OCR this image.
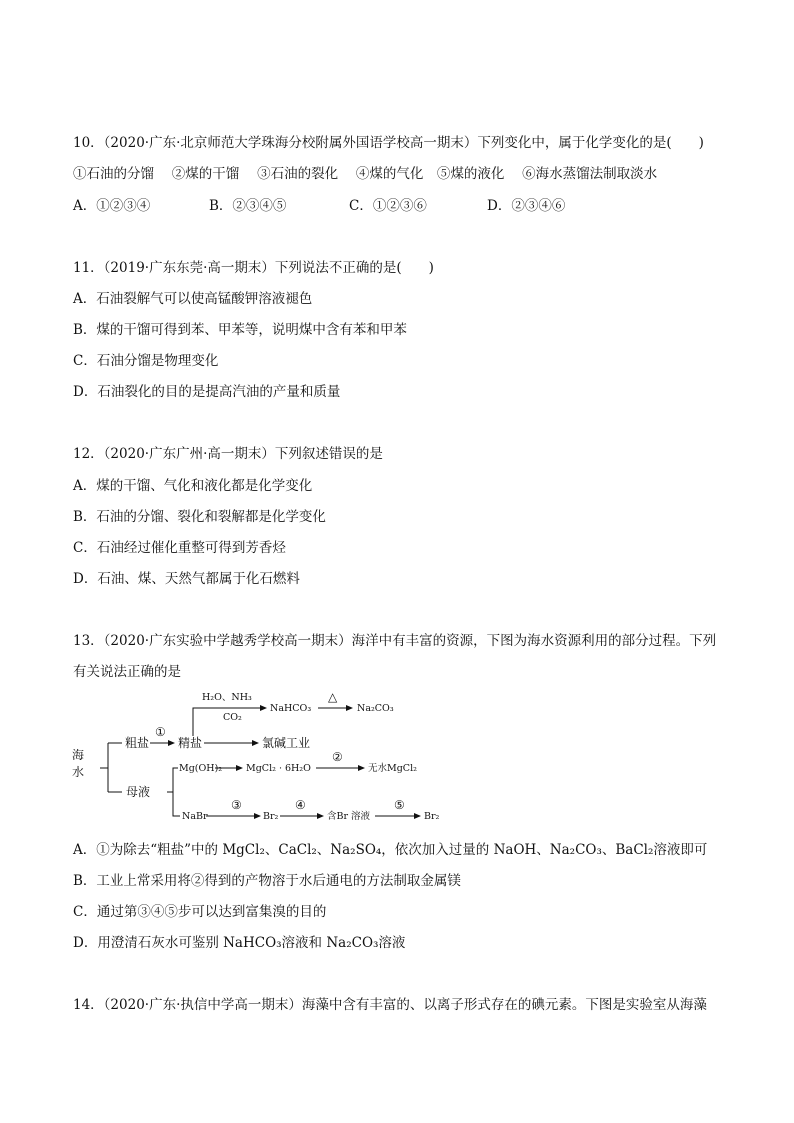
10．（2020·广东·北京师范大学珠海分校附属外国语学校高一期末）下列变化中，属于化学变化的是(　　)
①石油的分馏　 ②煤的干馏　 ③石油的裂化　 ④煤的气化　⑤煤的液化　 ⑥海水蒸馏法制取淡水
A．①②③④	B．②③④⑤	C．①②③⑥	D．②③④⑥
11．（2019·广东东莞·高一期末）下列说法不正确的是(　　)
A．石油裂解气可以使高锰酸钾溶液褪色
B．煤的干馏可得到苯、甲苯等，说明煤中含有苯和甲苯
C．石油分馏是物理变化
D．石油裂化的目的是提高汽油的产量和质量
12．（2020·广东广州·高一期末）下列叙述错误的是
A．煤的干馏、气化和液化都是化学变化
B．石油的分馏、裂化和裂解都是化学变化
C．石油经过催化重整可得到芳香烃
D．石油、煤、天然气都属于化石燃料
13．（2020·广东实验中学越秀学校高一期末）海洋中有丰富的资源，下图为海水资源利用的部分过程。下列
有关说法正确的是
海
水
粗盐
①
精盐	氯碱工业
H₂O、NH₃
CO₂
NaHCO₃
△
Na₂CO₃
母液
Mg(OH)₂	MgCl₂ · 6H₂O
②
无水MgCl₂
NaBr
③
Br₂
④
含Br 溶液
⑤
Br₂
A．①为除去“粗盐”中的 MgCl₂、CaCl₂、Na₂SO₄，依次加入过量的 NaOH、Na₂CO₃、BaCl₂溶液即可
B．工业上常采用将②得到的产物溶于水后通电的方法制取金属镁
C．通过第③④⑤步可以达到富集溴的目的
D．用澄清石灰水可鉴别 NaHCO₃溶液和 Na₂CO₃溶液
14．（2020·广东·执信中学高一期末）海藻中含有丰富的、以离子形式存在的碘元素。下图是实验室从海藻
